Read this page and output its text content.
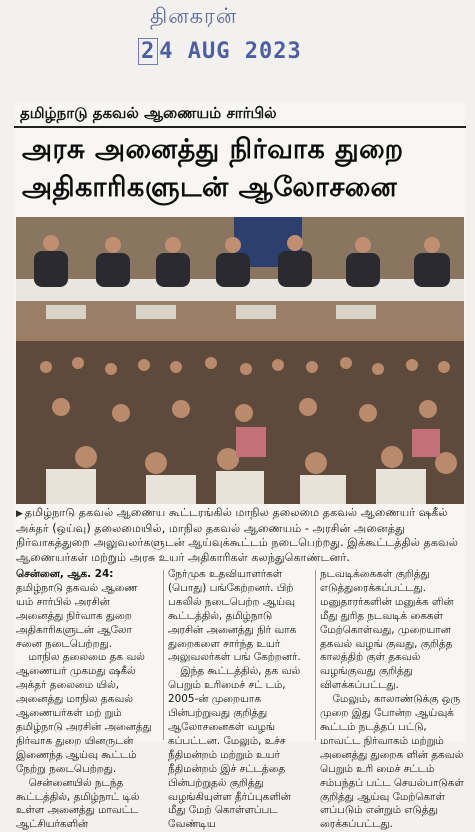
தினகரன்
2 4 AUG 2023
தமிழ்நாடு தகவல் ஆணையம் சார்பில்
அரசு அனைத்து நிர்வாக துறை
அதிகாரிகளுடன் ஆலோசனை
▶ தமிழ்நாடு தகவல் ஆணைய கூட்டரங்கில் மாநில தலைமை தகவல் ஆணையர் ஷகீல் அக்தர் (ஒய்வு) தலைமையில், மாநில தகவல் ஆணையம் - அரசின் அனைத்து நிர்வாகத்துறை அலுவலர்களுடன் ஆய்வுக்கூட்டம் நடைபெற்றது. இக்கூட்டத்தில் தகவல் ஆணையர்கள் மற்றும் அரசு உயர் அதிகாரிகள் கலந்துகொண்டனர்.

சென்னை, ஆக. 24: தமிழ்நாடு தகவல் ஆணை யம் சார்பில் அரசின் அனைத்து நிர்வாக துறை அதிகாரிகளுடன் ஆலோ சனை நடைபெற்றது.

மாநில தலைமை தக வல் ஆணையர் முகமது ஷகீல் அக்தர் தலைமை யில், அனைத்து மாநில தகவல் ஆணையர்கள் மற் றும் தமிழ்நாடு அரசின் அனைத்து நிர்வாக துறை யினருடன் இணைந்த ஆய்வு கூட்டம் நேற்று நடைபெற்றது.

சென்னையில் நடந்த கூட்டத்தில், தமிழ்நாட் டில் உள்ள அனைத்து மாவட்ட ஆட்சியர்களின்

நேர்முக உதவியாளர்கள் (பொது) பங்கேற்றனர். பிற் பகலில் நடைபெற்ற ஆய்வு கூட்டத்தில், தமிழ்நாடு அரசின் அனைத்து நிர் வாக துறைகளை சார்ந்த உயர் அலுவலர்கள் பங் கேற்றனர்.

இந்த கூட்டத்தில், தக வல் பெறும் உரிமைச் சட் டம், 2005-ன் முறையாக பின்பற்றுவது குறித்து ஆலோசனைகள் வழங் கப்பட்டன. மேலும், உச்ச நீதிமன்றம் மற்றும் உயர் நீதிமன்றம் இச் சட்டத்தை பின்பற்றுதல் குறித்து வழங்கியுள்ள தீர்ப்புகளின் மீது மேற் கொள்ளப்பட வேண்டிய

நடவடிக்கைகள் குறித்து எடுத்துரைக்கப்பட்டது. மனுதாரர்களின் மனுக்க ளின் மீது துரித நடவடிக் கைகள் மேற்கொள்வது, முறையான தகவல் வழங் குவது, குறித்த காலத்திற் குள் தகவல் வழங்குவது குறித்து விளக்கப்பட்டது.

மேலும், காலாண்டுக்கு ஒரு முறை இது போன்ற ஆய்வுக் கூட்டம் நடத்தப் பட்டு, மாவட்ட நிர்வாகம் மற்றும் அனைத்து துறைக ளின் தகவல் பெறும் உரி மைச் சட்டம் சம்பந்தப் பட்ட செயல்பாடுகள் குறித்து ஆய்வு மேற்கொள் ளப்படும் என்றும் எடுத்து ரைக்கப்பட்டது.
